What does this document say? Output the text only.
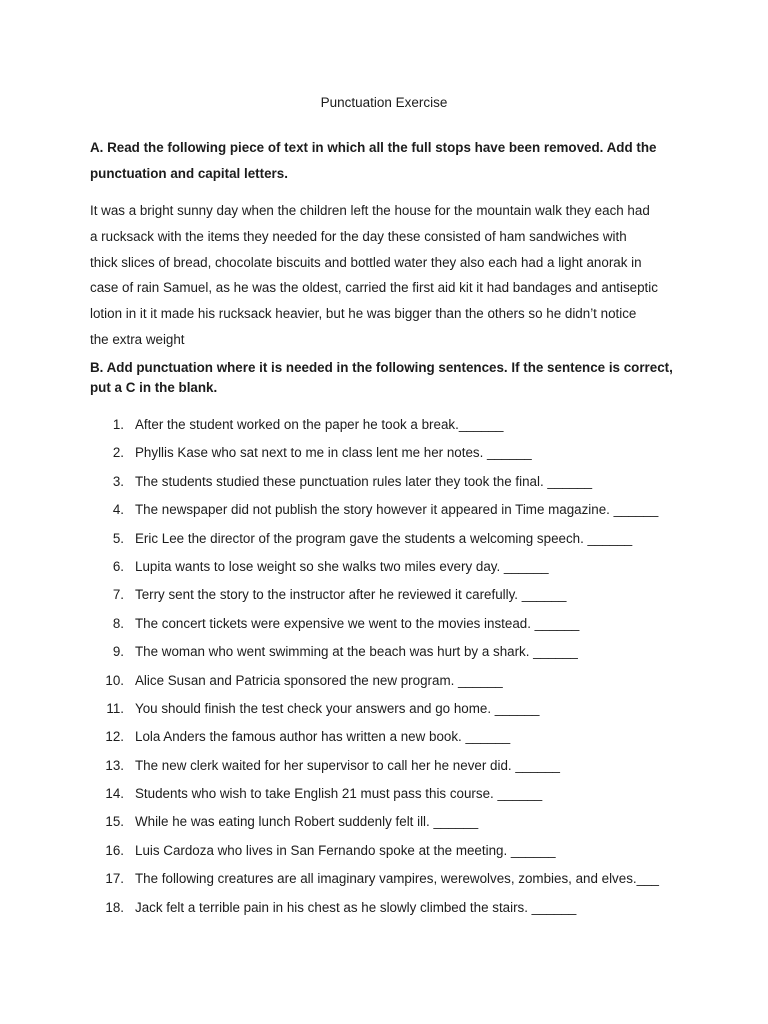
Punctuation Exercise
A. Read the following piece of text in which all the full stops have been removed. Add the punctuation and capital letters.
It was a bright sunny day when the children left the house for the mountain walk they each had
a rucksack with the items they needed for the day these consisted of ham sandwiches with
thick slices of bread, chocolate biscuits and bottled water they also each had a light anorak in
case of rain Samuel, as he was the oldest, carried the first aid kit it had bandages and antiseptic
lotion in it it made his rucksack heavier, but he was bigger than the others so he didn’t notice
the extra weight
B. Add punctuation where it is needed in the following sentences. If the sentence is correct, put a C in the blank.
1. After the student worked on the paper he took a break.______
2. Phyllis Kase who sat next to me in class lent me her notes. ______
3. The students studied these punctuation rules later they took the final. ______
4. The newspaper did not publish the story however it appeared in Time magazine. ______
5. Eric Lee the director of the program gave the students a welcoming speech. ______
6. Lupita wants to lose weight so she walks two miles every day. ______
7. Terry sent the story to the instructor after he reviewed it carefully. ______
8. The concert tickets were expensive we went to the movies instead. ______
9. The woman who went swimming at the beach was hurt by a shark. ______
10. Alice Susan and Patricia sponsored the new program. ______
11. You should finish the test check your answers and go home. ______
12. Lola Anders the famous author has written a new book. ______
13. The new clerk waited for her supervisor to call her he never did. ______
14. Students who wish to take English 21 must pass this course. ______
15. While he was eating lunch Robert suddenly felt ill. ______
16. Luis Cardoza who lives in San Fernando spoke at the meeting. ______
17. The following creatures are all imaginary vampires, werewolves, zombies, and elves.___
18. Jack felt a terrible pain in his chest as he slowly climbed the stairs. ______
